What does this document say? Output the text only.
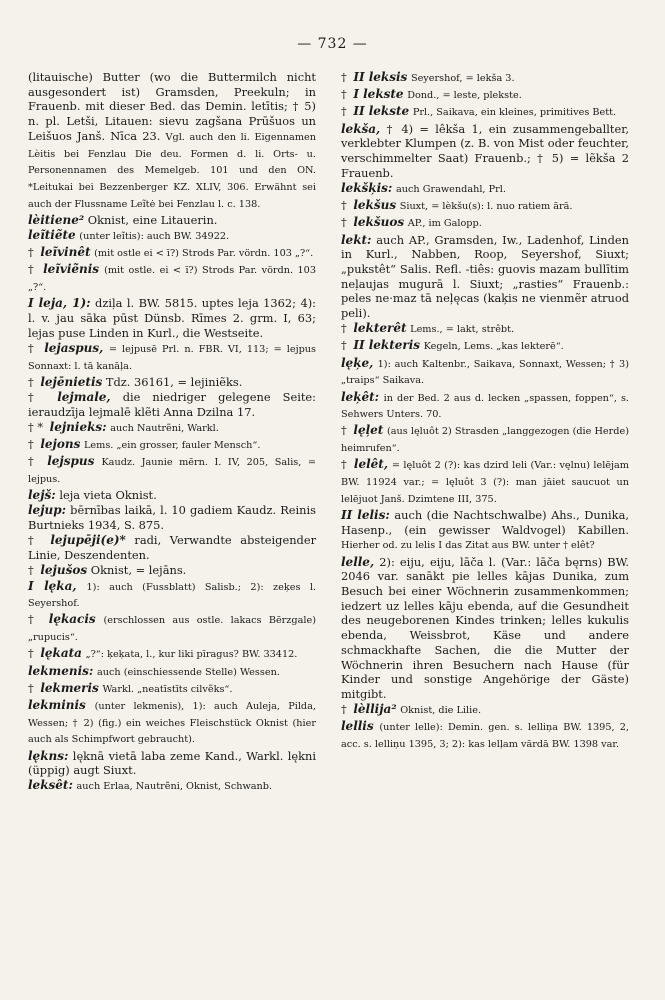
— 732 —
(litauische) Butter (wo die Buttermilch nicht ausgesondert ist) Gramsden, Preekuln; in Frauenb. mit dieser Bed. das Demin. letītis; † 5) n. pl. Letši, Litauen: sievu zagšana Prūšuos un Leišuos Janš. Nīca 23. Vgl. auch den li. Eigennamen Lèitis bei Fenzlau Die deu. Formen d. li. Orts- u. Personennamen des Memelgeb. 101 und den ON. *Leitukai bei Bezzenberger KZ. XLIV, 306. Erwähnt sei auch der Flussname Leĩtė bei Fenzlau l. c. 138.
lèitiene² Oknist, eine Litauerin.
leĩtiẽte (unter leĩtis): auch BW. 34922.
† leĩvinêt (mit ostle ei < ī?) Strods Par. vördn. 103 „?“.
† leĩviẽnis (mit ostle. ei < ī?) Strods Par. vördn. 103 „?“.
I leja, 1): dziļa l. BW. 5815. uptes leja 1362; 4): l. v. jau sāka pūst Dünsb. Rīmes 2. grm. I, 63; lejas puse Linden in Kurl., die Westseite.
† lejaspus, = lejpusē Prl. n. FBR. VI, 113; = lejpus Sonnaxt: l. tā kanāļa.
† lejēnietis Tdz. 36161, = lejiniẽks.
† lejmale, die niedriger gelegene Seite: ieraudzīja lejmalē klẽti Anna Dzilna 17.
† * lejnieks: auch Nautrẽni, Warkl.
† lejons Lems. „ein grosser, fauler Mensch“.
† lejspus Kaudz. Jaunie mērn. I. IV, 205, Salis, = lejpus.
lejš: leja vieta Oknist.
lejup: bērnības laikā, l. 10 gadiem Kaudz. Reinis Burtnieks 1934, S. 875.
† lejupēji(e)* radi, Verwandte absteigender Linie, Deszendenten.
† lejušos Oknist, = lejāns.
I lęka, 1): auch (Fussblatt) Salisb.; 2): zeķes l. Seyershof.
† lękacis (erschlossen aus ostle. lakacs Bērzgale) „rupucis“.
† lękata „?“: ķeķata, l., kur liki pīragus? BW. 33412.
lekmenis: auch (einschiessende Stelle) Wessen.
† lekmeris Warkl. „neatīstīts cilvẽks“.
lekminis (unter lekmenis), 1): auch Auleja, Pilda, Wessen; † 2) (fig.) ein weiches Fleischstück Oknist (hier auch als Schimpfwort gebraucht).
lękns: lęknā vietā laba zeme Kand., Warkl. lękni (üppig) augt Siuxt.
leksêt: auch Erlaa, Nautrẽni, Oknist, Schwanb.
† II leksis Seyershof, = lekša 3.
† I lekste Dond., = leste, plekste.
† II lekste Prl., Saikava, ein kleines, primitives Bett.
lekša, † 4) = lêkša 1, ein zusammengeballter, verklebter Klumpen (z. B. von Mist oder feuchter, verschimmelter Saat) Frauenb.; † 5) = lẽkša 2 Frauenb.
lekšķis: auch Grawendahl, Prl.
† lekšus Siuxt, = lèkšu(s): l. nuo ratiem ārā.
† lekšuos AP., im Galopp.
lekt: auch AP., Gramsden, Iw., Ladenhof, Linden in Kurl., Nabben, Roop, Seyershof, Siuxt; „pukstêt“ Salis. Refl. -tiês: guovis mazam bullītim neļaujas mugurā l. Siuxt; „rasties“ Frauenb.: peles ne·maz tā neļęcas (kaķis ne vienmẽr atruod peli).
† lekterêt Lems., = lakt, strêbt.
† II lekteris Kegeln, Lems. „kas lekterē“.
lęķe, 1): auch Kaltenbr., Saikava, Sonnaxt, Wessen; † 3) „traips“ Saikava.
leķêt: in der Bed. 2 aus d. lecken „spassen, foppen“, s. Sehwers Unters. 70.
† lęļet (aus lęluôt 2) Strasden „langgezogen (die Herde) heimrufen“.
† lelêt, = lęluôt 2 (?): kas dzird leli (Var.: vęlnu) lelējam BW. 11924 var.; = lęluôt 3 (?): man jāiet saucuot un lelējuot Janš. Dzimtene III, 375.
II lelis: auch (die Nachtschwalbe) Ahs., Dunika, Hasenp., (ein gewisser Waldvogel) Kabillen. Hierher od. zu lelis I das Zitat aus BW. unter † elêt?
lelle, 2): eiju, eiju, lāča l. (Var.: lāča bęrns) BW. 2046 var. sanākt pie lelles kājas Dunika, zum Besuch bei einer Wöchnerin zusammenkommen; iedzert uz lelles kāju ebenda, auf die Gesundheit des neugeborenen Kindes trinken; lelles kukulis ebenda, Weissbrot, Käse und andere schmackhafte Sachen, die die Mutter der Wöchnerin ihren Besuchern nach Hause (für Kinder und sonstige Angehörige der Gäste) mitgibt.
† lèllija² Oknist, die Lilie.
lellis (unter lelle): Demin. gen. s. lelliņa BW. 1395, 2, acc. s. lelliņu 1395, 3; 2): kas lelļam vārdā BW. 1398 var.
